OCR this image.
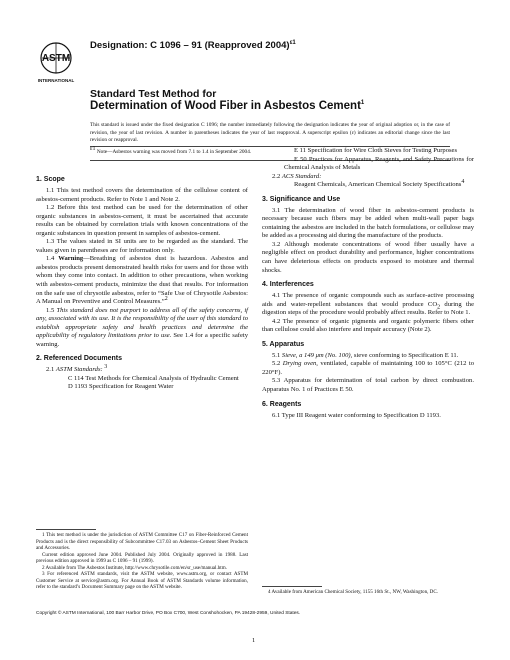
ASTM
INTERNATIONAL
Designation: C 1096 – 91 (Reapproved 2004)$^{\varepsilon 1}$
Standard Test Method for
Determination of Wood Fiber in Asbestos Cement$^1$
This standard is issued under the fixed designation C 1096; the number immediately following the designation indicates the year of original adoption or, in the case of revision, the year of last revision. A number in parentheses indicates the year of last reapproval. A superscript epsilon (ε) indicates an editorial change since the last revision or reapproval.
$^{\varepsilon 1}$ Note—Asbestos warning was moved from 7.1 to 1.4 in September 2004.
1. Scope

1.1 This test method covers the determination of the cellulose content of asbestos-cement products. Refer to Note 1 and Note 2.

1.2 Before this test method can be used for the determination of other organic substances in asbestos-cement, it must be ascertained that accurate results can be obtained by correlation trials with known concentrations of the organic substances in question present in samples of asbestos-cement.

1.3 The values stated in SI units are to be regarded as the standard. The values given in parentheses are for information only.

1.4 Warning—Breathing of asbestos dust is hazardous. Asbestos and asbestos products present demonstrated health risks for users and for those with whom they come into contact. In addition to other precautions, when working with asbestos-cement products, minimize the dust that results. For information on the safe use of chrysotile asbestos, refer to “Safe Use of Chrysotile Asbestos: A Manual on Preventive and Control Measures.”$^2$

1.5 This standard does not purport to address all of the safety concerns, if any, associated with its use. It is the responsibility of the user of this standard to establish appropriate safety and health practices and determine the applicability of regulatory limitations prior to use. See 1.4 for a specific safety warning.

2. Referenced Documents

2.1 ASTM Standards: $^3$

C 114 Test Methods for Chemical Analysis of Hydraulic Cement

D 1193 Specification for Reagent Water

E 11 Specification for Wire Cloth Sieves for Testing Purposes

E 50 Practices for Apparatus, Reagents, and Safety Precautions for Chemical Analysis of Metals

2.2 ACS Standard:

Reagent Chemicals, American Chemical Society Specifications$^4$

3. Significance and Use

3.1 The determination of wood fiber in asbestos-cement products is necessary because such fibers may be added when multi-wall paper bags containing the asbestos are included in the batch formulations, or cellulose may be added as a processing aid during the manufacture of the products.

3.2 Although moderate concentrations of wood fiber usually have a negligible effect on product durability and performance, higher concentrations can have deleterious effects on products exposed to moisture and thermal shocks.

4. Interferences

4.1 The presence of organic compounds such as surface-active processing aids and water-repellent substances that would produce $CO_2$ during the digestion steps of the procedure would probably affect results. Refer to Note 1.

4.2 The presence of organic pigments and organic polymeric fibers other than cellulose could also interfere and impair accuracy (Note 2).

5. Apparatus

5.1 Sieve, a 149 μm (No. 100), sieve conforming to Specification E 11.

5.2 Drying oven, ventilated, capable of maintaining 100 to 105°C (212 to 220°F).

5.3 Apparatus for determination of total carbon by direct combustion. Apparatus No. 1 of Practices E 50.

6. Reagents

6.1 Type III Reagent water conforming to Specification D 1193.

1 This test method is under the jurisdiction of ASTM Committee C17 on Fiber-Reinforced Cement Products and is the direct responsibility of Subcommittee C17.03 on Asbestos–Cement Sheet Products and Accessories.

Current edition approved June 2004. Published July 2004. Originally approved in 1988. Last previous edition approved in 1999 as C 1096 – 91 (1999).

2 Available from The Asbestos Institute, http://www.chrysotile.com/en/sr_use/manual.htm.

3 For referenced ASTM standards, visit the ASTM website, www.astm.org, or contact ASTM Customer Service at service@astm.org. For Annual Book of ASTM Standards volume information, refer to the standard’s Document Summary page on the ASTM website.

4 Available from American Chemical Society, 1155 16th St., NW, Washington, DC.

Copyright © ASTM International, 100 Barr Harbor Drive, PO Box C700, West Conshohocken, PA 19428-2959, United States.
1
